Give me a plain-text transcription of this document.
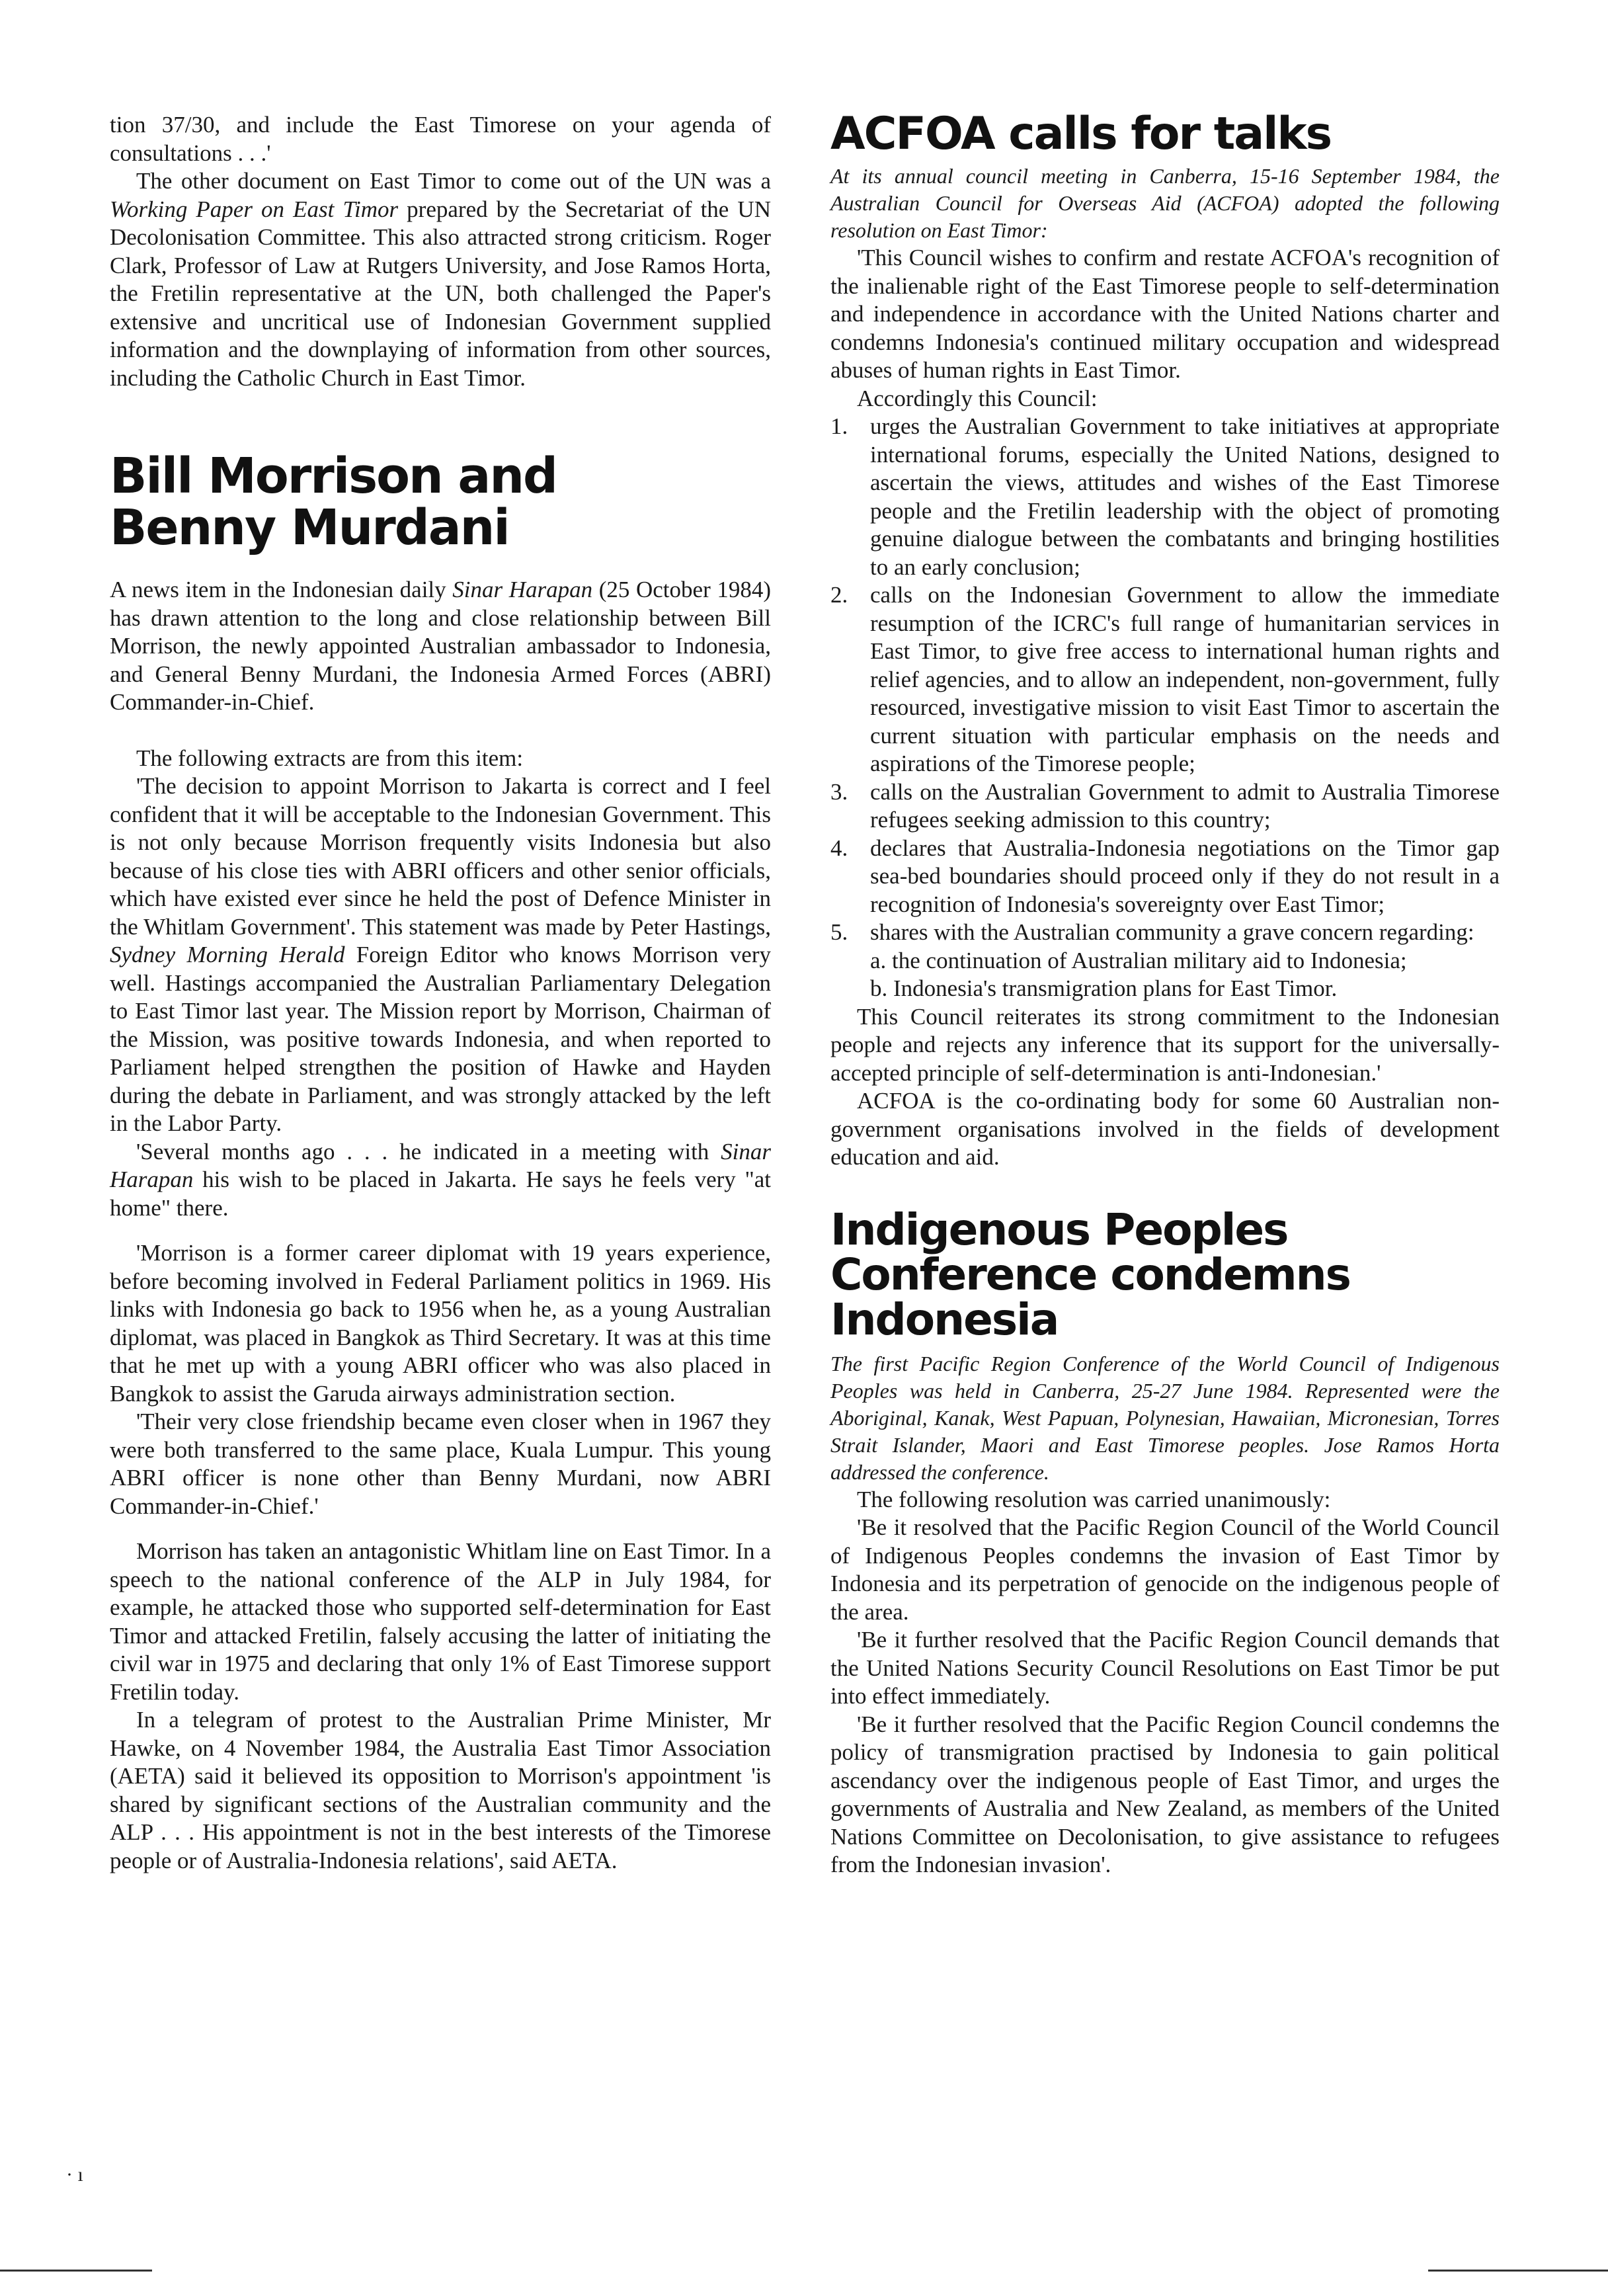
tion 37/30, and include the East Timorese on your agenda of consultations . . .'

The other document on East Timor to come out of the UN was a Working Paper on East Timor prepared by the Secretariat of the UN Decolonisation Committee. This also attracted strong criticism. Roger Clark, Professor of Law at Rutgers University, and Jose Ramos Horta, the Fretilin representative at the UN, both challenged the Paper's extensive and uncritical use of Indonesian Government supplied information and the downplaying of information from other sources, including the Catholic Church in East Timor.

Bill Morrison and
Benny Murdani

A news item in the Indonesian daily Sinar Harapan (25 October 1984) has drawn attention to the long and close relationship between Bill Morrison, the newly appointed Australian ambassador to Indonesia, and General Benny Murdani, the Indonesia Armed Forces (ABRI) Commander-in-Chief.

The following extracts are from this item:

'The decision to appoint Morrison to Jakarta is correct and I feel confident that it will be acceptable to the Indonesian Government. This is not only because Morrison frequently visits Indonesia but also because of his close ties with ABRI officers and other senior officials, which have existed ever since he held the post of Defence Minister in the Whitlam Government'. This statement was made by Peter Hastings, Sydney Morning Herald Foreign Editor who knows Morrison very well. Hastings accompanied the Australian Parliamentary Delegation to East Timor last year. The Mission report by Morrison, Chairman of the Mission, was positive towards Indonesia, and when reported to Parliament helped strengthen the position of Hawke and Hayden during the debate in Parliament, and was strongly attacked by the left in the Labor Party.

'Several months ago . . . he indicated in a meeting with Sinar Harapan his wish to be placed in Jakarta. He says he feels very "at home" there.

'Morrison is a former career diplomat with 19 years experience, before becoming involved in Federal Parliament politics in 1969. His links with Indonesia go back to 1956 when he, as a young Australian diplomat, was placed in Bangkok as Third Secretary. It was at this time that he met up with a young ABRI officer who was also placed in Bangkok to assist the Garuda airways administration section.

'Their very close friendship became even closer when in 1967 they were both transferred to the same place, Kuala Lumpur. This young ABRI officer is none other than Benny Murdani, now ABRI Commander-in-Chief.'

Morrison has taken an antagonistic Whitlam line on East Timor. In a speech to the national conference of the ALP in July 1984, for example, he attacked those who supported self-determination for East Timor and attacked Fretilin, falsely accusing the latter of initiating the civil war in 1975 and declaring that only 1% of East Timorese support Fretilin today.

In a telegram of protest to the Australian Prime Minister, Mr Hawke, on 4 November 1984, the Australia East Timor Association (AETA) said it believed its opposition to Morrison's appointment 'is shared by significant sections of the Australian community and the ALP . . . His appointment is not in the best interests of the Timorese people or of Australia-Indonesia relations', said AETA.

ACFOA calls for talks

At its annual council meeting in Canberra, 15-16 September 1984, the Australian Council for Overseas Aid (ACFOA) adopted the following resolution on East Timor:

'This Council wishes to confirm and restate ACFOA's recognition of the inalienable right of the East Timorese people to self-determination and independence in accordance with the United Nations charter and condemns Indonesia's continued military occupation and widespread abuses of human rights in East Timor.

Accordingly this Council:

1. urges the Australian Government to take initiatives at appropriate international forums, especially the United Nations, designed to ascertain the views, attitudes and wishes of the East Timorese people and the Fretilin leadership with the object of promoting genuine dialogue between the combatants and bringing hostilities to an early conclusion;
2. calls on the Indonesian Government to allow the immediate resumption of the ICRC's full range of humanitarian services in East Timor, to give free access to international human rights and relief agencies, and to allow an independent, non-government, fully resourced, investigative mission to visit East Timor to ascertain the current situation with particular emphasis on the needs and aspirations of the Timorese people;
3. calls on the Australian Government to admit to Australia Timorese refugees seeking admission to this country;
4. declares that Australia-Indonesia negotiations on the Timor gap sea-bed boundaries should proceed only if they do not result in a recognition of Indonesia's sovereignty over East Timor;
5. shares with the Australian community a grave concern regarding:

a. the continuation of Australian military aid to Indonesia;

b. Indonesia's transmigration plans for East Timor.

This Council reiterates its strong commitment to the Indonesian people and rejects any inference that its support for the universally-accepted principle of self-determination is anti-Indonesian.'

ACFOA is the co-ordinating body for some 60 Australian non-government organisations involved in the fields of development education and aid.

Indigenous Peoples
Conference condemns
Indonesia

The first Pacific Region Conference of the World Council of Indigenous Peoples was held in Canberra, 25-27 June 1984. Represented were the Aboriginal, Kanak, West Papuan, Polynesian, Hawaiian, Micronesian, Torres Strait Islander, Maori and East Timorese peoples. Jose Ramos Horta addressed the conference.

The following resolution was carried unanimously:

'Be it resolved that the Pacific Region Council of the World Council of Indigenous Peoples condemns the invasion of East Timor by Indonesia and its perpetration of genocide on the indigenous people of the area.

'Be it further resolved that the Pacific Region Council demands that the United Nations Security Council Resolutions on East Timor be put into effect immediately.

'Be it further resolved that the Pacific Region Council condemns the policy of transmigration practised by Indonesia to gain political ascendancy over the indigenous people of East Timor, and urges the governments of Australia and New Zealand, as members of the United Nations Committee on Decolonisation, to give assistance to refugees from the Indonesian invasion'.

· ı
